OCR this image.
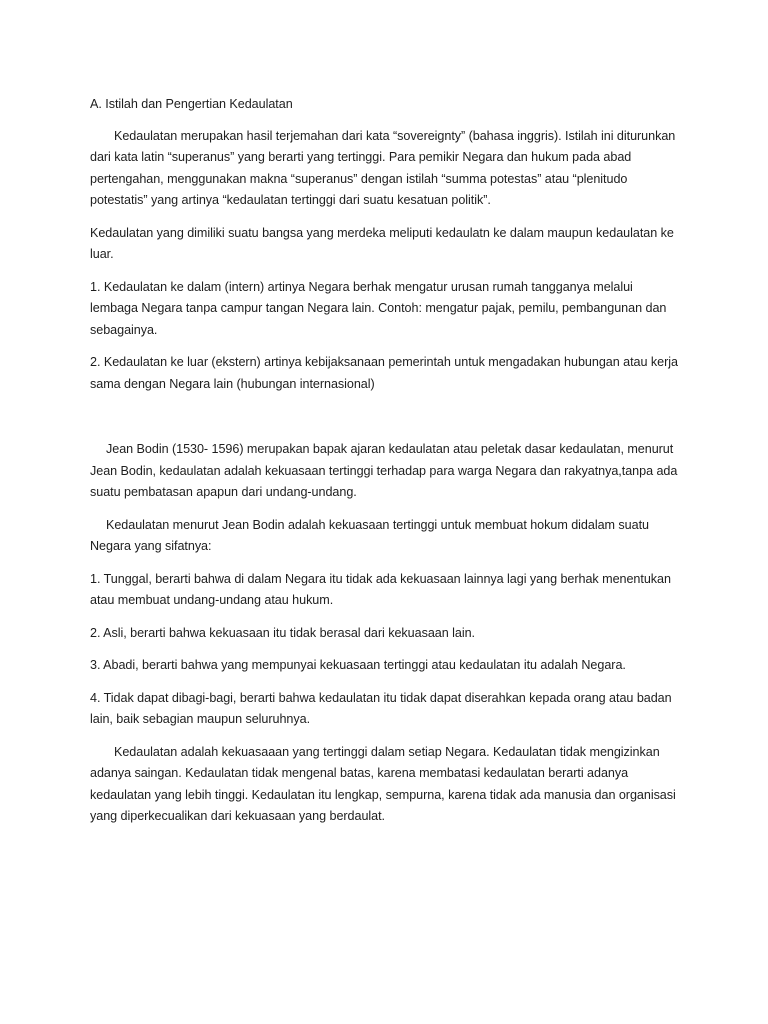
A. Istilah dan Pengertian Kedaulatan

Kedaulatan merupakan hasil terjemahan dari kata “sovereignty” (bahasa inggris). Istilah ini diturunkan dari kata latin “superanus” yang berarti yang tertinggi. Para pemikir Negara dan hukum pada abad pertengahan, menggunakan makna “superanus” dengan istilah “summa potestas” atau “plenitudo potestatis” yang artinya “kedaulatan tertinggi dari suatu kesatuan politik”.

Kedaulatan yang dimiliki suatu bangsa yang merdeka meliputi kedaulatn ke dalam maupun kedaulatan ke luar.

1. Kedaulatan ke dalam (intern) artinya Negara berhak mengatur urusan rumah tangganya melalui lembaga Negara tanpa campur tangan Negara lain. Contoh: mengatur pajak, pemilu, pembangunan dan sebagainya.

2. Kedaulatan ke luar (ekstern) artinya kebijaksanaan pemerintah untuk mengadakan hubungan atau kerja sama dengan Negara lain (hubungan internasional)

Jean Bodin (1530- 1596) merupakan bapak ajaran kedaulatan atau peletak dasar kedaulatan, menurut Jean Bodin, kedaulatan adalah kekuasaan tertinggi terhadap para warga Negara dan rakyatnya,tanpa ada suatu pembatasan apapun dari undang-undang.

Kedaulatan menurut Jean Bodin adalah kekuasaan tertinggi untuk membuat hokum didalam suatu Negara yang sifatnya:

1. Tunggal, berarti bahwa di dalam Negara itu tidak ada kekuasaan lainnya lagi yang berhak menentukan atau membuat undang-undang atau hukum.

2. Asli, berarti bahwa kekuasaan itu tidak berasal dari kekuasaan lain.

3. Abadi, berarti bahwa yang mempunyai kekuasaan tertinggi atau kedaulatan itu adalah Negara.

4. Tidak dapat dibagi-bagi, berarti bahwa kedaulatan itu tidak dapat diserahkan kepada orang atau badan lain, baik sebagian maupun seluruhnya.

Kedaulatan adalah kekuasaaan yang tertinggi dalam setiap Negara. Kedaulatan tidak mengizinkan adanya saingan. Kedaulatan tidak mengenal batas, karena membatasi kedaulatan berarti adanya kedaulatan yang lebih tinggi. Kedaulatan itu lengkap, sempurna, karena tidak ada manusia dan organisasi yang diperkecualikan dari kekuasaan yang berdaulat.
